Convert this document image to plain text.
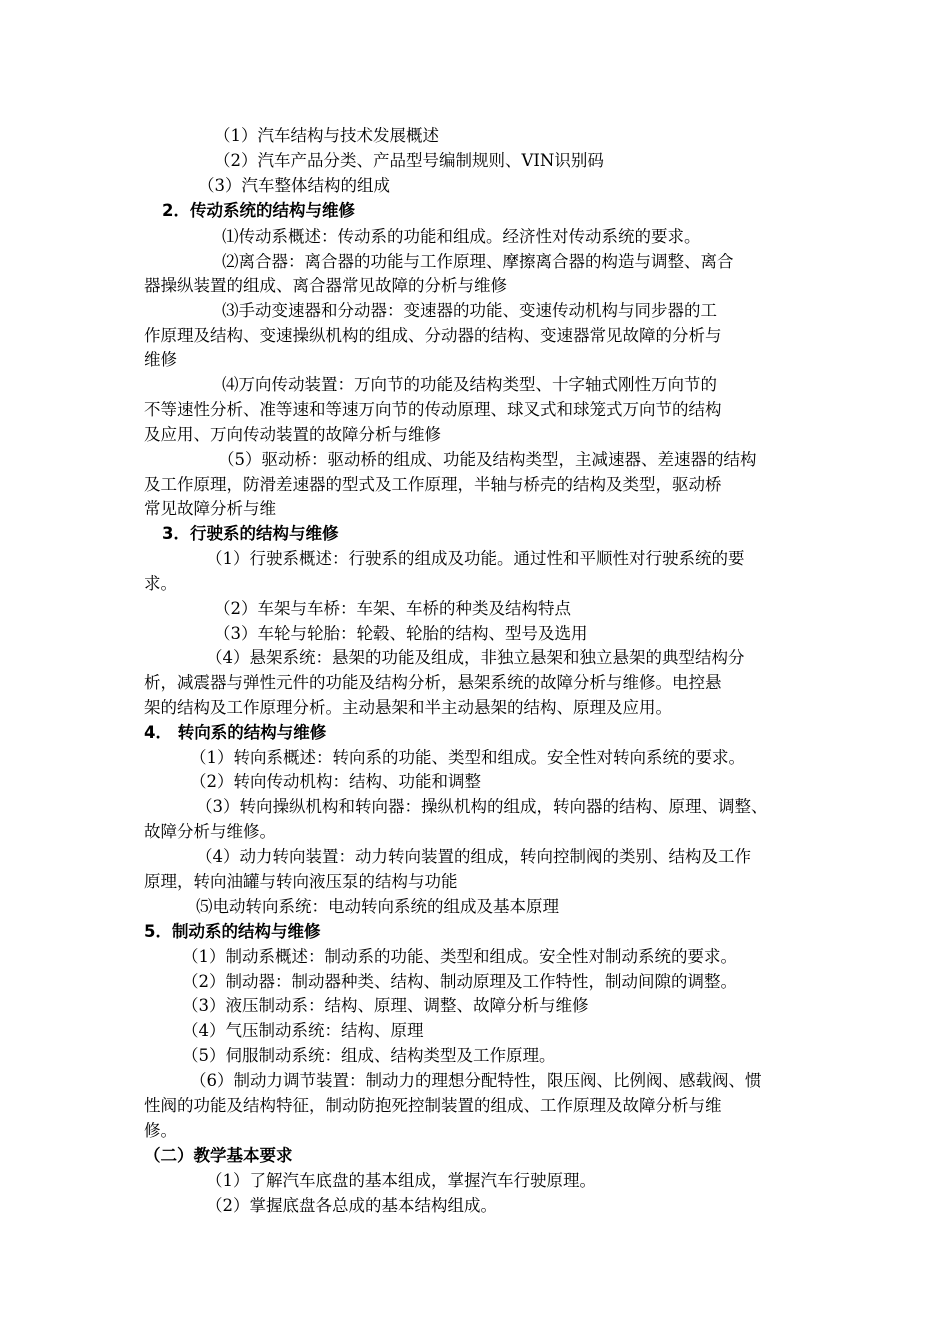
（1）汽车结构与技术发展概述
（2）汽车产品分类、产品型号编制规则、VIN识别码
（3）汽车整体结构的组成
2．传动系统的结构与维修
⑴传动系概述：传动系的功能和组成。经济性对传动系统的要求。
⑵离合器：离合器的功能与工作原理、摩擦离合器的构造与调整、离合
器操纵装置的组成、离合器常见故障的分析与维修
⑶手动变速器和分动器：变速器的功能、变速传动机构与同步器的工
作原理及结构、变速操纵机构的组成、分动器的结构、变速器常见故障的分析与
维修
⑷万向传动装置：万向节的功能及结构类型、十字轴式刚性万向节的
不等速性分析、准等速和等速万向节的传动原理、球叉式和球笼式万向节的结构
及应用、万向传动装置的故障分析与维修
（5）驱动桥：驱动桥的组成、功能及结构类型，主减速器、差速器的结构
及工作原理，防滑差速器的型式及工作原理，半轴与桥壳的结构及类型，驱动桥
常见故障分析与维
3．行驶系的结构与维修
（1）行驶系概述：行驶系的组成及功能。通过性和平顺性对行驶系统的要
求。
（2）车架与车桥：车架、车桥的种类及结构特点
（3）车轮与轮胎：轮毂、轮胎的结构、型号及选用
（4）悬架系统：悬架的功能及组成，非独立悬架和独立悬架的典型结构分
析，减震器与弹性元件的功能及结构分析，悬架系统的故障分析与维修。电控悬
架的结构及工作原理分析。主动悬架和半主动悬架的结构、原理及应用。
4． 转向系的结构与维修
（1）转向系概述：转向系的功能、类型和组成。安全性对转向系统的要求。
（2）转向传动机构：结构、功能和调整
（3）转向操纵机构和转向器：操纵机构的组成，转向器的结构、原理、调整、
故障分析与维修。
（4）动力转向装置：动力转向装置的组成，转向控制阀的类别、结构及工作
原理，转向油罐与转向液压泵的结构与功能
⑸电动转向系统：电动转向系统的组成及基本原理
5．制动系的结构与维修
（1）制动系概述：制动系的功能、类型和组成。安全性对制动系统的要求。
（2）制动器：制动器种类、结构、制动原理及工作特性，制动间隙的调整。
（3）液压制动系：结构、原理、调整、故障分析与维修
（4）气压制动系统：结构、原理
（5）伺服制动系统：组成、结构类型及工作原理。
（6）制动力调节装置：制动力的理想分配特性，限压阀、比例阀、感载阀、惯
性阀的功能及结构特征，制动防抱死控制装置的组成、工作原理及故障分析与维
修。
（二）教学基本要求
（1）了解汽车底盘的基本组成，掌握汽车行驶原理。
（2）掌握底盘各总成的基本结构组成。
